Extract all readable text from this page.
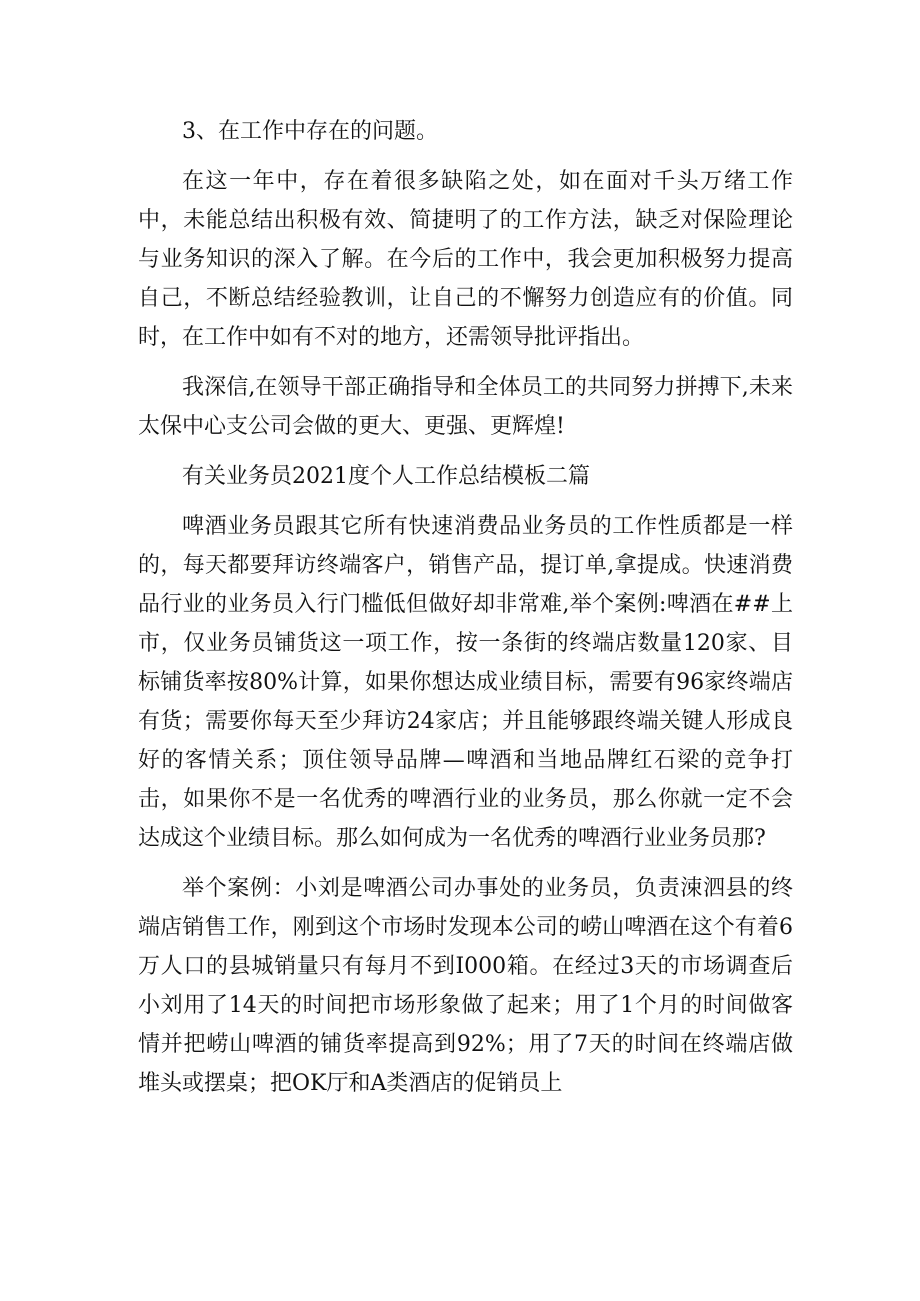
3、在工作中存在的问题。

在这一年中，存在着很多缺陷之处，如在面对千头万绪工作中，未能总结出积极有效、简捷明了的工作方法，缺乏对保险理论与业务知识的深入了解。在今后的工作中，我会更加积极努力提高自己，不断总结经验教训，让自己的不懈努力创造应有的价值。同时，在工作中如有不对的地方，还需领导批评指出。

我深信,在领导干部正确指导和全体员工的共同努力拼搏下,未来太保中心支公司会做的更大、更强、更辉煌!

有关业务员2021度个人工作总结模板二篇

啤酒业务员跟其它所有快速消费品业务员的工作性质都是一样的，每天都要拜访终端客户，销售产品，提订单,拿提成。快速消费品行业的业务员入行门槛低但做好却非常难,举个案例:啤酒在##上市，仅业务员铺货这一项工作，按一条街的终端店数量120家、目标铺货率按80%计算，如果你想达成业绩目标，需要有96家终端店有货；需要你每天至少拜访24家店；并且能够跟终端关键人形成良好的客情关系；顶住领导品牌—啤酒和当地品牌红石梁的竞争打击，如果你不是一名优秀的啤酒行业的业务员，那么你就一定不会达成这个业绩目标。那么如何成为一名优秀的啤酒行业业务员那?

举个案例：小刘是啤酒公司办事处的业务员，负责涑泗县的终端店销售工作，刚到这个市场时发现本公司的崂山啤酒在这个有着6万人口的县城销量只有每月不到I000箱。在经过3天的市场调查后小刘用了14天的时间把市场形象做了起来；用了1个月的时间做客情并把崂山啤酒的铺货率提高到92%；用了7天的时间在终端店做堆头或摆桌；把OK厅和A类酒店的促销员上
